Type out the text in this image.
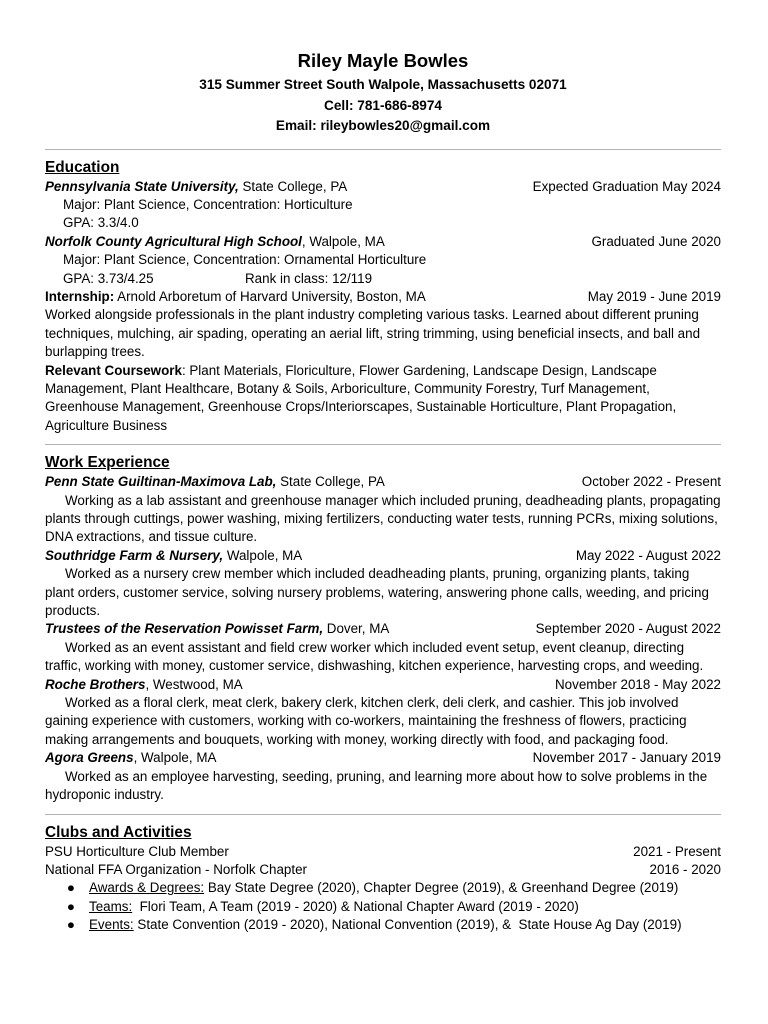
Riley Mayle Bowles
315 Summer Street South Walpole, Massachusetts 02071
Cell: 781-686-8974
Email: rileybowles20@gmail.com
Education
Pennsylvania State University, State College, PA	Expected Graduation May 2024
Major: Plant Science, Concentration: Horticulture
GPA: 3.3/4.0
Norfolk County Agricultural High School, Walpole, MA	Graduated June 2020
Major: Plant Science, Concentration: Ornamental Horticulture
GPA: 3.73/4.25	Rank in class: 12/119
Internship: Arnold Arboretum of Harvard University, Boston, MA	May 2019 - June 2019
Worked alongside professionals in the plant industry completing various tasks. Learned about different pruning techniques, mulching, air spading, operating an aerial lift, string trimming, using beneficial insects, and ball and burlapping trees.
Relevant Coursework: Plant Materials, Floriculture, Flower Gardening, Landscape Design, Landscape Management, Plant Healthcare, Botany & Soils, Arboriculture, Community Forestry, Turf Management, Greenhouse Management, Greenhouse Crops/Interiorscapes, Sustainable Horticulture, Plant Propagation, Agriculture Business
Work Experience
Penn State Guiltinan-Maximova Lab, State College, PA	October 2022 - Present
Working as a lab assistant and greenhouse manager which included pruning, deadheading plants, propagating plants through cuttings, power washing, mixing fertilizers, conducting water tests, running PCRs, mixing solutions, DNA extractions, and tissue culture.
Southridge Farm & Nursery, Walpole, MA	May 2022 - August 2022
Worked as a nursery crew member which included deadheading plants, pruning, organizing plants, taking plant orders, customer service, solving nursery problems, watering, answering phone calls, weeding, and pricing products.
Trustees of the Reservation Powisset Farm, Dover, MA	September 2020 - August 2022
Worked as an event assistant and field crew worker which included event setup, event cleanup, directing traffic, working with money, customer service, dishwashing, kitchen experience, harvesting crops, and weeding.
Roche Brothers, Westwood, MA	November 2018 - May 2022
Worked as a floral clerk, meat clerk, bakery clerk, kitchen clerk, deli clerk, and cashier. This job involved gaining experience with customers, working with co-workers, maintaining the freshness of flowers, practicing making arrangements and bouquets, working with money, working directly with food, and packaging food.
Agora Greens, Walpole, MA	November 2017 - January 2019
Worked as an employee harvesting, seeding, pruning, and learning more about how to solve problems in the hydroponic industry.
Clubs and Activities
PSU Horticulture Club Member	2021 - Present
National FFA Organization - Norfolk Chapter	2016 - 2020
●	Awards & Degrees: Bay State Degree (2020), Chapter Degree (2019), & Greenhand Degree (2019)
●	Teams:  Flori Team, A Team (2019 - 2020) & National Chapter Award (2019 - 2020)
●	Events: State Convention (2019 - 2020), National Convention (2019), &  State House Ag Day (2019)
